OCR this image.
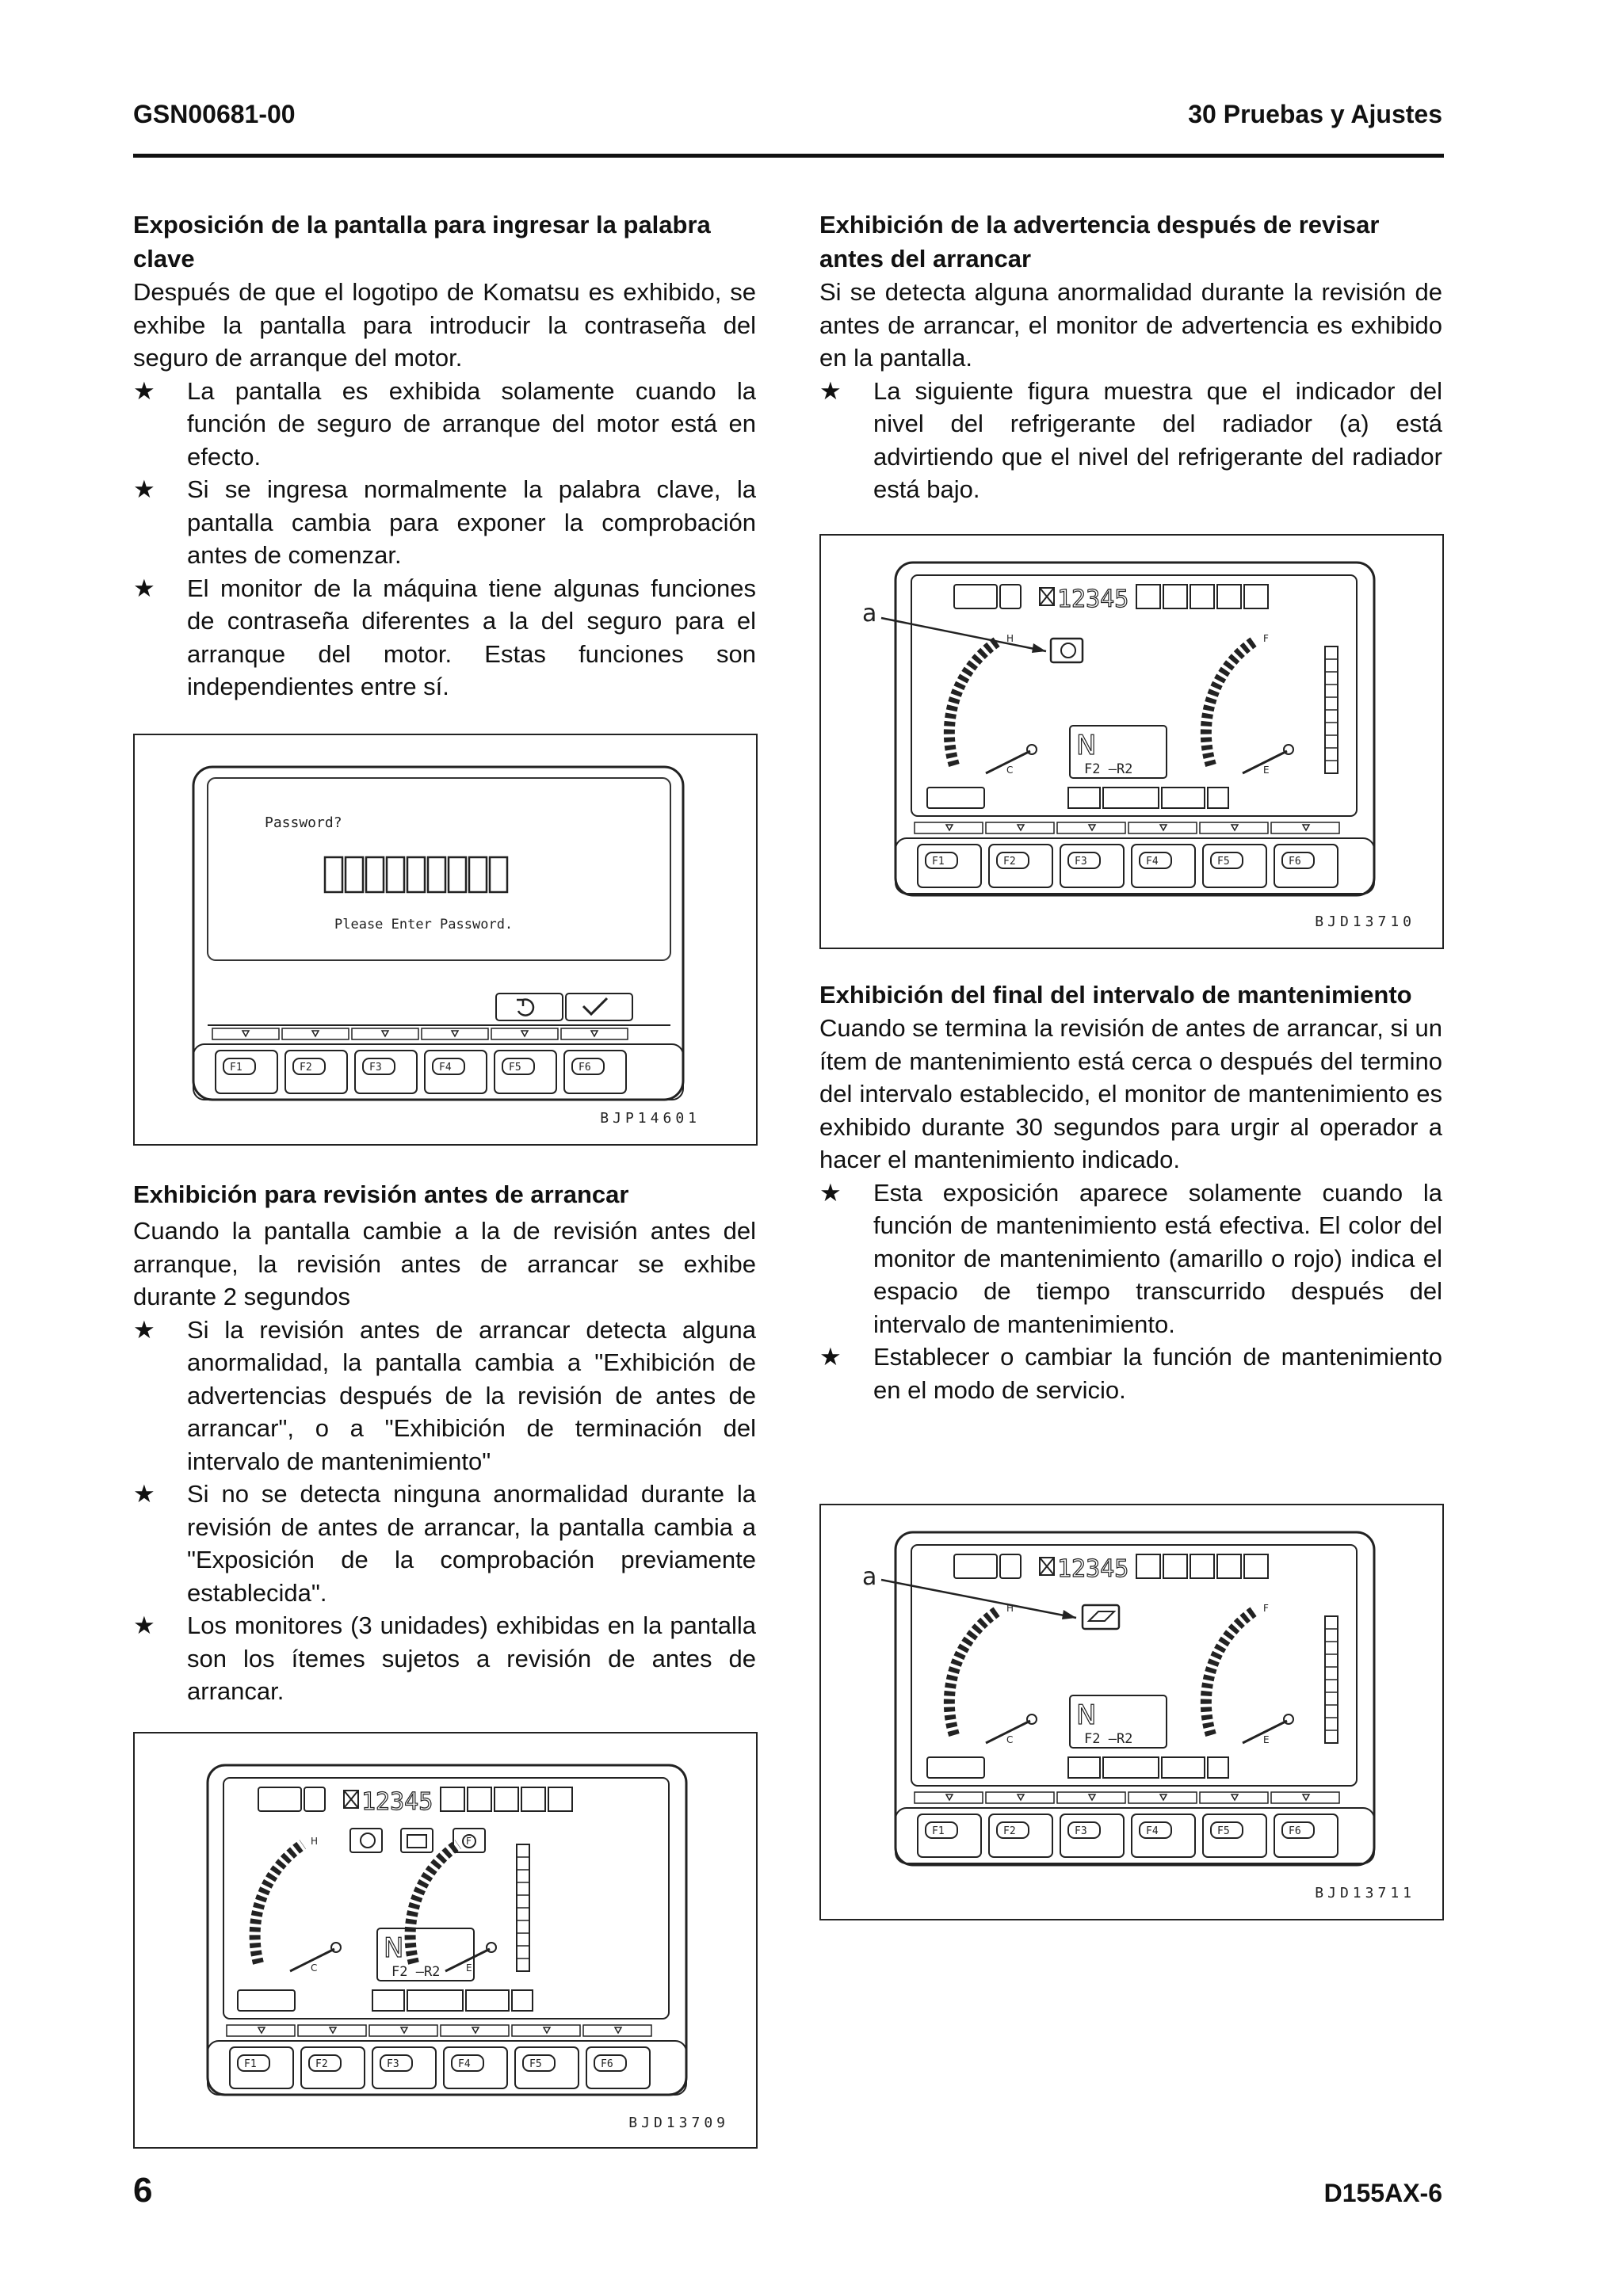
GSN00681-00	30 Pruebas y Ajustes
Exposición de la pantalla para ingresar la palabra clave

Después de que el logotipo de Komatsu es exhibido, se exhibe la pantalla para introducir la contraseña del seguro de arranque del motor.

★ La pantalla es exhibida solamente cuando la función de seguro de arranque del motor está en efecto.
★ Si se ingresa normalmente la palabra clave, la pantalla cambia para exponer la comprobación antes de comenzar.
★ El monitor de la máquina tiene algunas funciones de contraseña diferentes a la del seguro para el arranque del motor. Estas funciones son independientes entre sí.
F1	F2	F3	F4	F5	F6
Password?
Please Enter Password.
BJP14601
Exhibición para revisión antes de arrancar

Cuando la pantalla cambie a la de revisión antes del arranque, la revisión antes de arrancar se exhibe durante 2 segundos

★ Si la revisión antes de arrancar detecta alguna anormalidad, la pantalla cambia a "Exhibición de advertencias después de la revisión de antes de arrancar", o a "Exhibición de terminación del intervalo de mantenimiento"
★ Si no se detecta ninguna anormalidad durante la revisión de antes de arrancar, la pantalla cambia a "Exposición de la comprobación previamente establecida".
★ Los monitores (3 unidades) exhibidas en la pantalla son los ítemes sujetos a revisión de antes de arrancar.
12345
H
C
F
E
N
F2 –R2
F1	F2	F3	F4	F5	F6
BJD13709
Exhibición de la advertencia después de revisar antes del arrancar

Si se detecta alguna anormalidad durante la revisión de antes de arrancar, el monitor de advertencia es exhibido en la pantalla.

★ La siguiente figura muestra que el indicador del nivel del refrigerante del radiador (a) está advirtiendo que el nivel del refrigerante del radiador está bajo.
a
12345
H
C
F
E
N
F2 –R2
F1	F2	F3	F4	F5	F6
BJD13710
Exhibición del final del intervalo de mantenimiento

Cuando se termina la revisión de antes de arrancar, si un ítem de mantenimiento está cerca o después del termino del intervalo establecido, el monitor de mantenimiento es exhibido durante 30 segundos para urgir al operador a hacer el mantenimiento indicado.

★ Esta exposición aparece solamente cuando la función de mantenimiento está efectiva. El color del monitor de mantenimiento (amarillo o rojo) indica el espacio de tiempo transcurrido después del intervalo de mantenimiento.
★ Establecer o cambiar la función de mantenimiento en el modo de servicio.
a	12345
H
C
F
E
N
F2 –R2
F1	F2	F3	F4	F5	F6
BJD13711
6	D155AX-6
